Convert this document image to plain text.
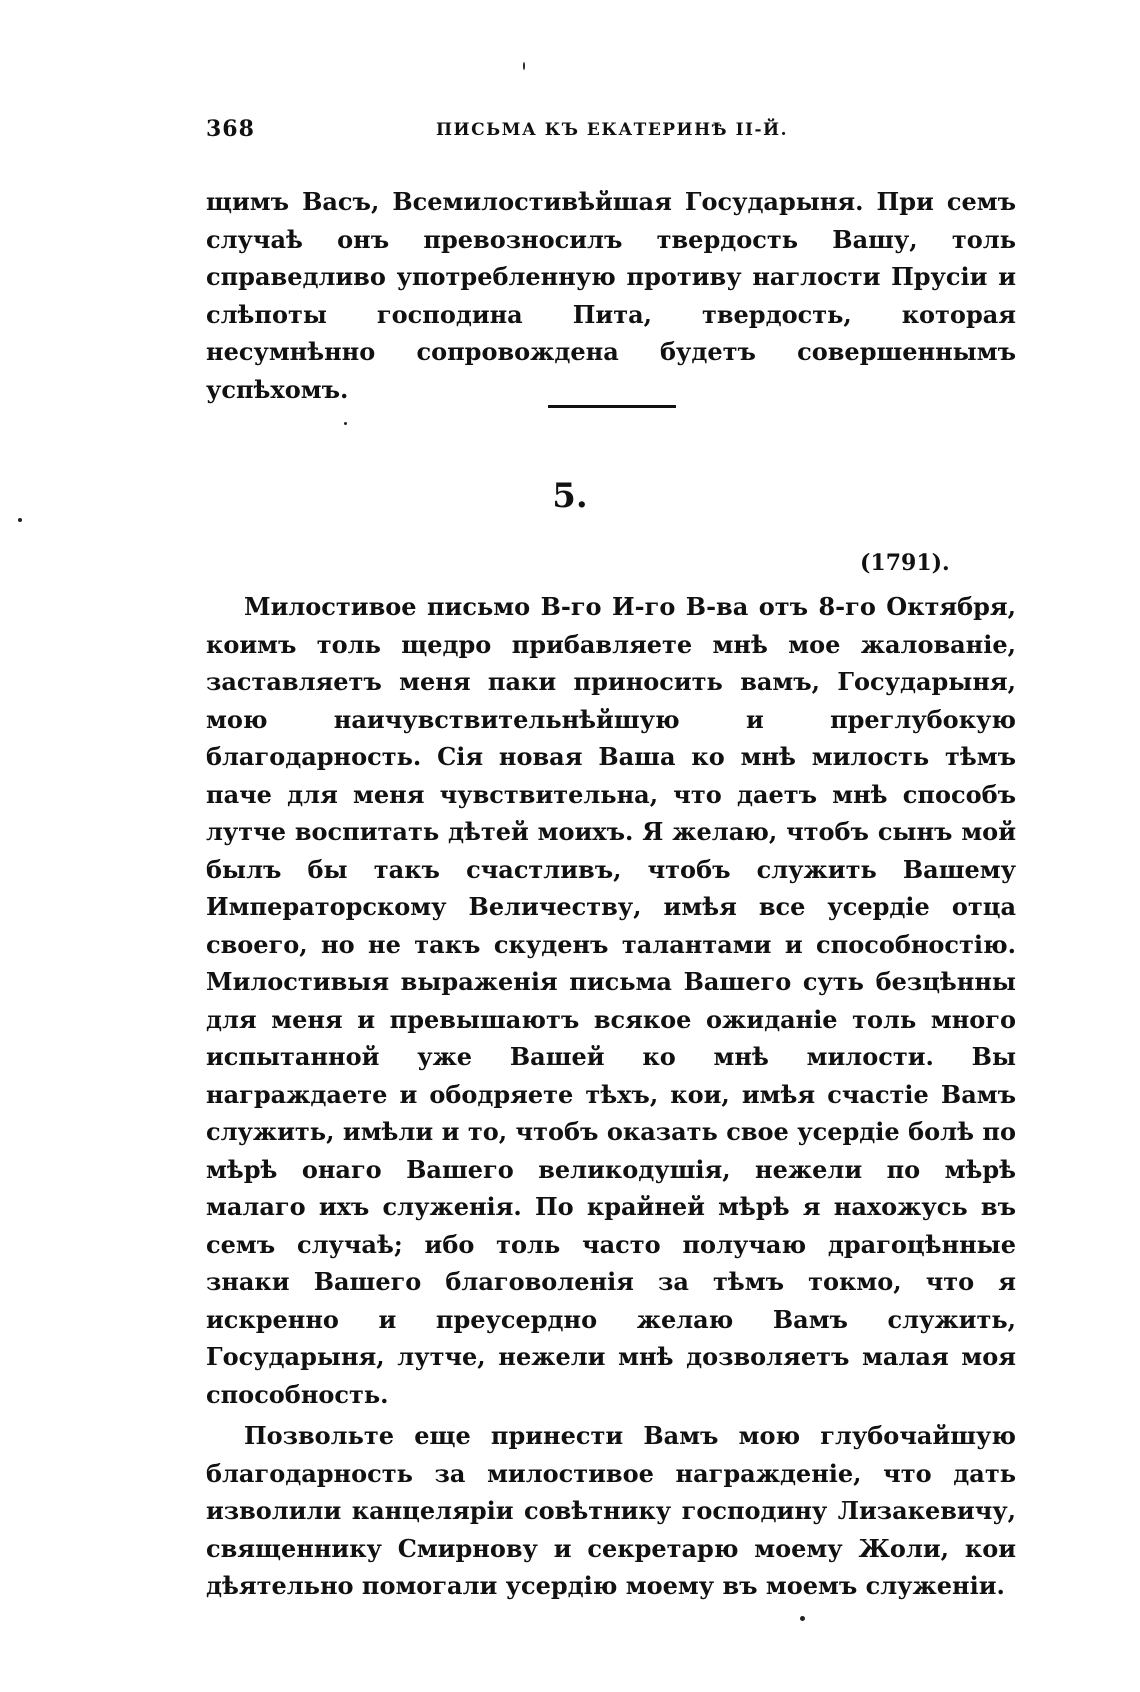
368	ПИСЬМА КЪ ЕКАТЕРИНѢ II-Й.

щимъ Васъ, Всемилостивѣйшая Государыня. При семъ случаѣ онъ превозносилъ твердость Вашу, толь справедливо употребленную противу наглости Прусіи и слѣпоты господина Пита, твердость, которая несумнѣнно сопровождена будетъ совершеннымъ успѣхомъ.

5.
(1791).

Милостивое письмо В-го И-го В-ва отъ 8-го Октября, коимъ толь щедро прибавляете мнѣ мое жалованіе, заставляетъ меня паки приносить вамъ, Государыня, мою наичувствительнѣйшую и преглубокую благодарность. Сія новая Ваша ко мнѣ милость тѣмъ паче для меня чувствительна, что даетъ мнѣ способъ лутче воспитать дѣтей моихъ. Я желаю, чтобъ сынъ мой былъ бы такъ счастливъ, чтобъ служить Вашему Императорскому Величеству, имѣя все усердіе отца своего, но не такъ скуденъ талантами и способностію. Милостивыя выраженія письма Вашего суть безцѣнны для меня и превышаютъ всякое ожиданіе толь много испытанной уже Вашей ко мнѣ милости. Вы награждаете и ободряете тѣхъ, кои, имѣя счастіе Вамъ служить, имѣли и то, чтобъ оказать свое усердіе болѣ по мѣрѣ онаго Вашего великодушія, нежели по мѣрѣ малаго ихъ служенія. По крайней мѣрѣ я нахожусь въ семъ случаѣ; ибо толь часто получаю драгоцѣнные знаки Вашего благоволенія за тѣмъ токмо, что я искренно и преусердно желаю Вамъ служить, Государыня, лутче, нежели мнѣ дозволяетъ малая моя способность.

Позвольте еще принести Вамъ мою глубочайшую благодарность за милостивое награжденіе, что дать изволили канцеляріи совѣтнику господину Лизакевичу, священнику Смирнову и секретарю моему Жоли, кои дѣятельно помогали усердію моему въ моемъ служеніи.
